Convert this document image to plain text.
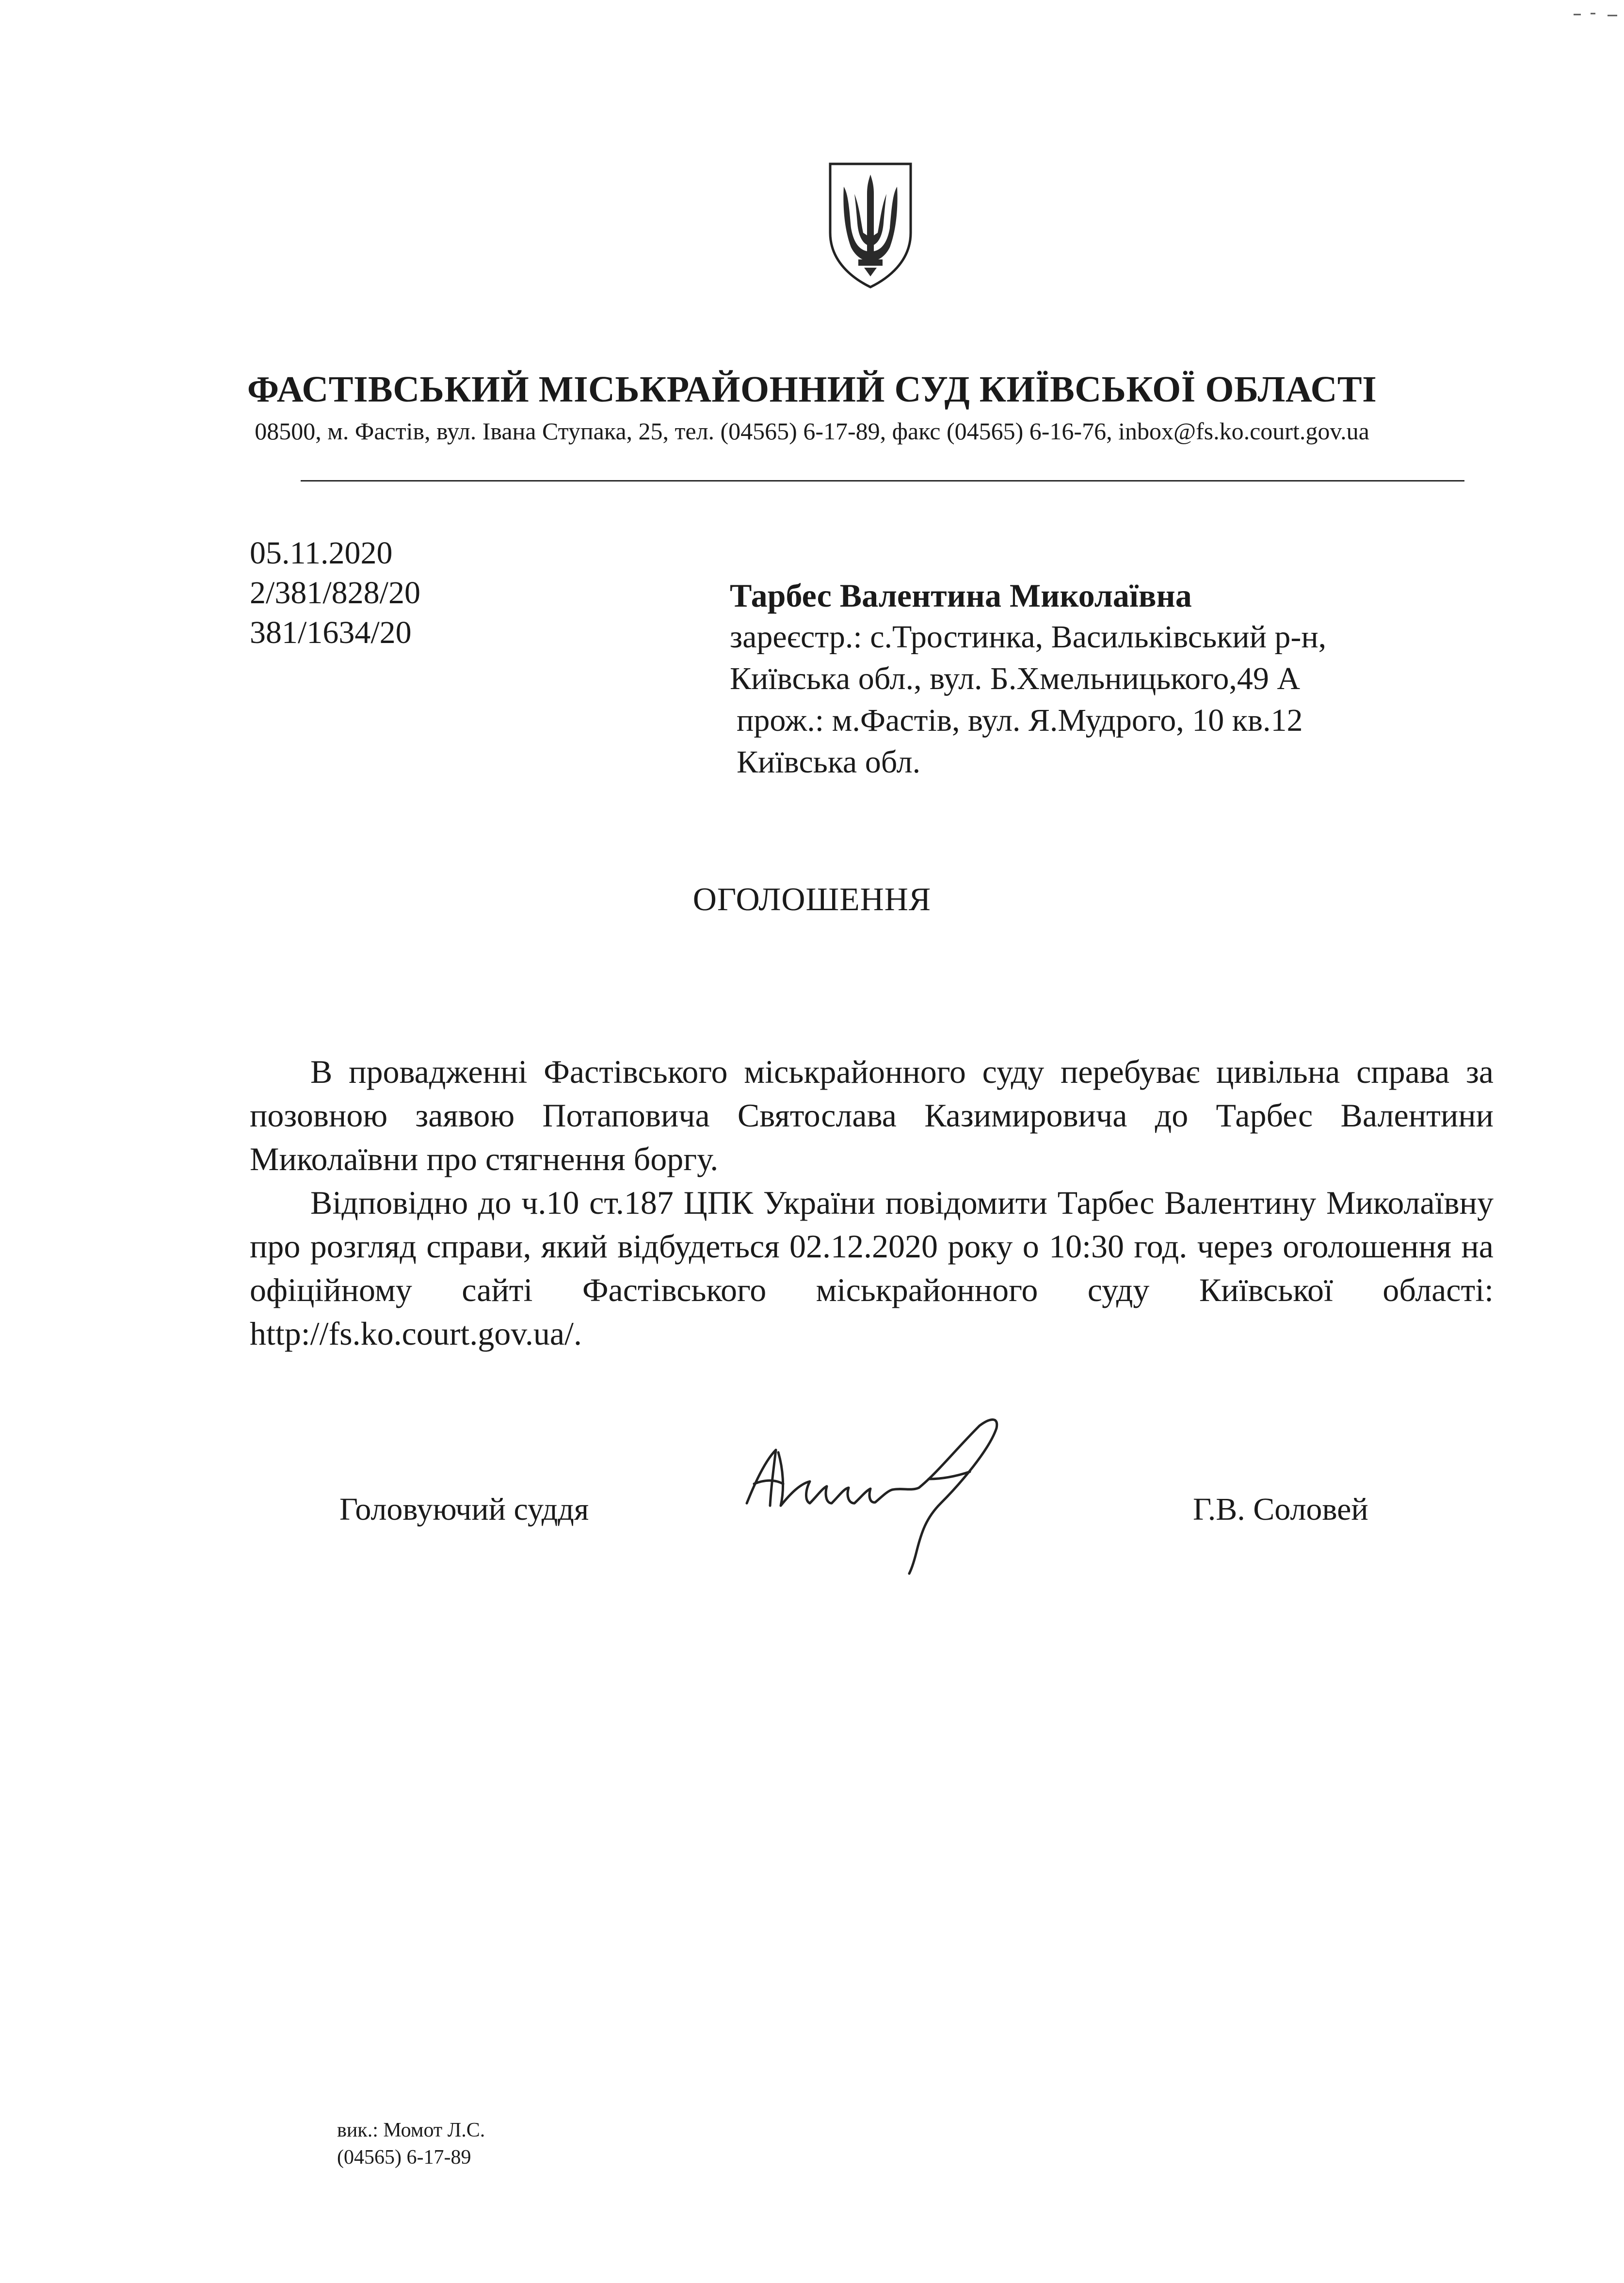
ФАСТІВСЬКИЙ МІСЬКРАЙОННИЙ СУД КИЇВСЬКОЇ ОБЛАСТІ
08500, м. Фастів, вул. Івана Ступака, 25, тел. (04565) 6-17-89, факс (04565) 6-16-76, inbox@fs.ko.court.gov.ua
05.11.2020
2/381/828/20
381/1634/20
Тарбес Валентина Миколаївна
зареєстр.: с.Тростинка, Васильківський р-н,
Київська обл., вул. Б.Хмельницького,49 А
прож.: м.Фастів, вул. Я.Мудрого, 10 кв.12
Київська обл.
ОГОЛОШЕННЯ

В провадженні Фастівського міськрайонного суду перебуває цивільна справа за позовною заявою Потаповича Святослава Казимировича до Тарбес Валентини Миколаївни про стягнення боргу.

Відповідно до ч.10 ст.187 ЦПК України повідомити Тарбес Валентину Миколаївну про розгляд справи, який відбудеться 02.12.2020 року о 10:30 год. через оголошення на офіційному сайті Фастівського міськрайонного суду Київської області: http://fs.ko.court.gov.ua/.

Головуючий суддя	Г.В. Соловей
вик.: Момот Л.С.
(04565) 6-17-89
